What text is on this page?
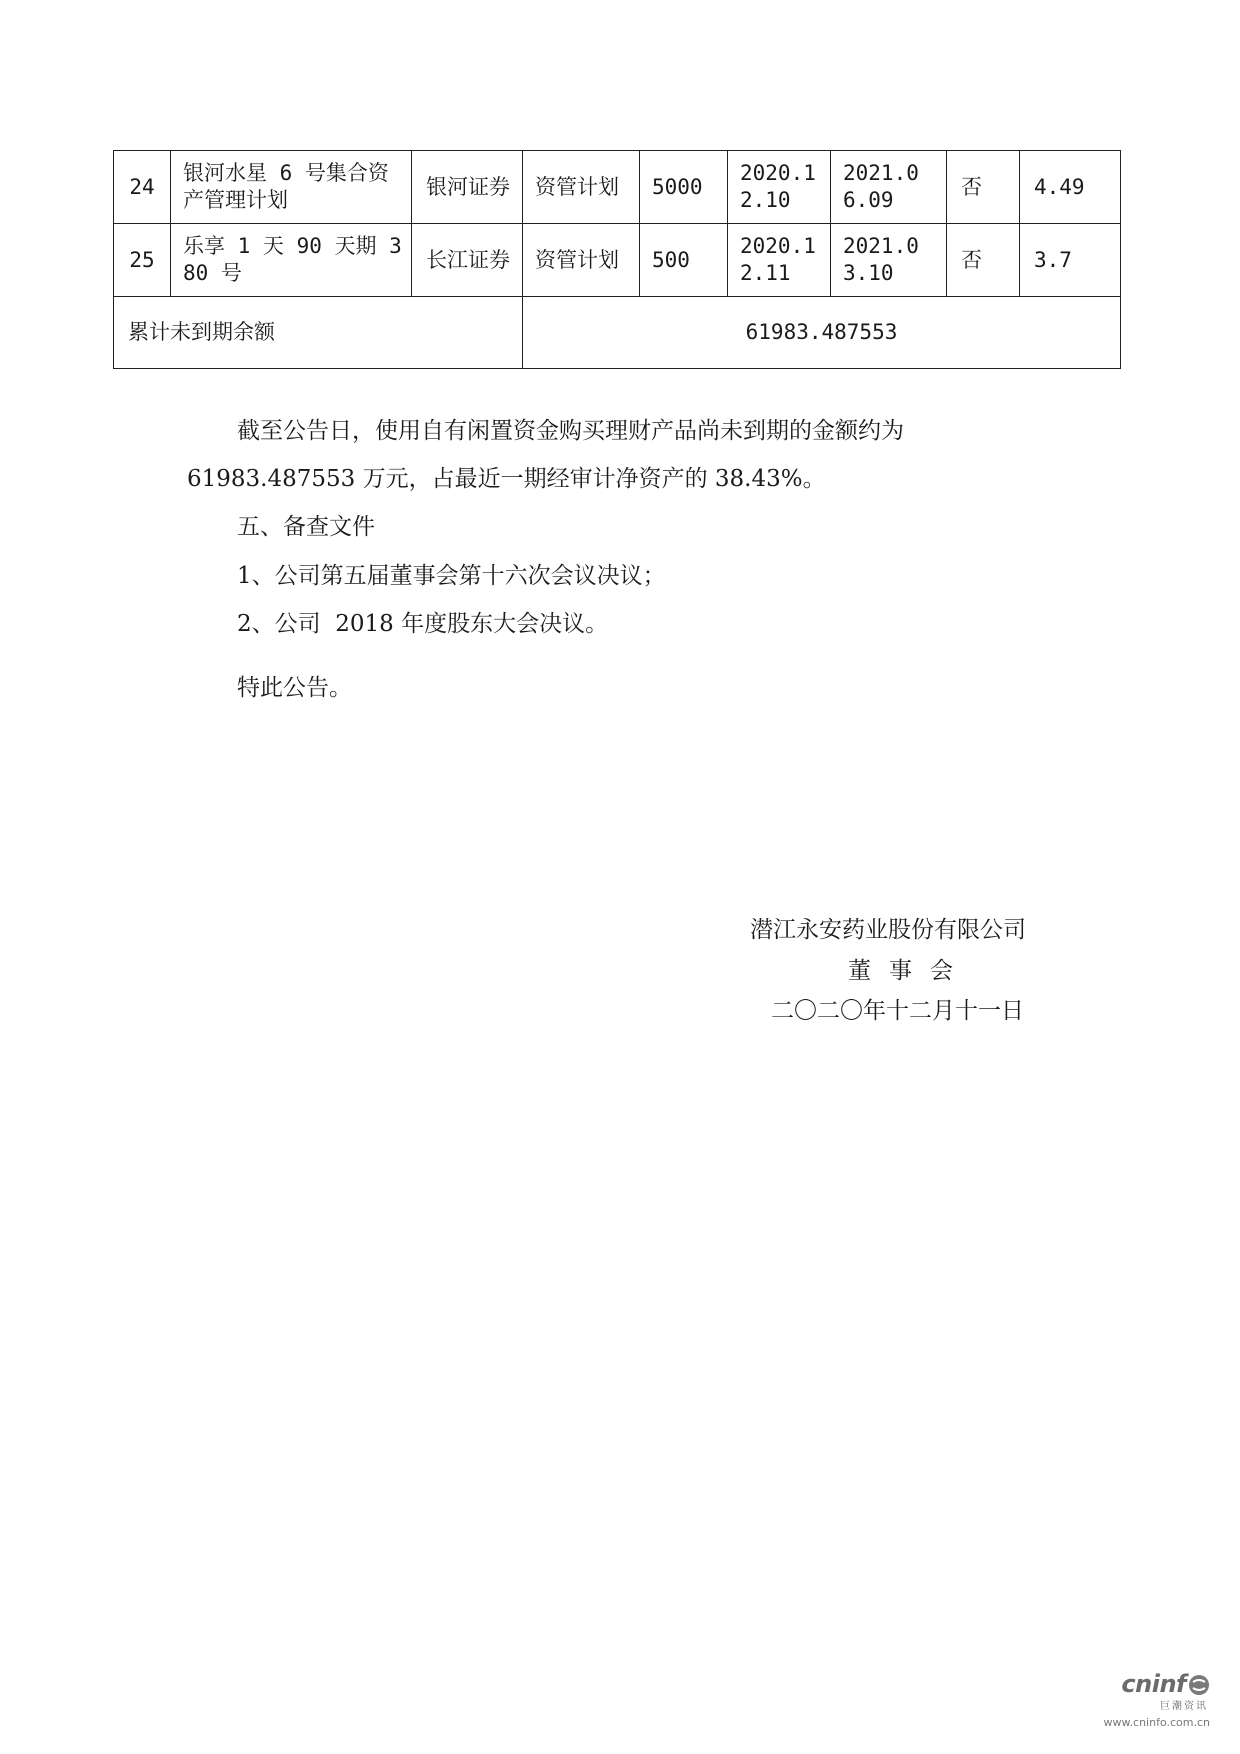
24	银河水星 6 号集合资产管理计划	银河证券	资管计划	5000	2020.12.10	2021.06.09	否	4.49
25	乐享 1 天 90 天期 380 号	长江证券	资管计划	500	2020.12.11	2021.03.10	否	3.7
累计未到期余额			61983.487553					
截至公告日，使用自有闲置资金购买理财产品尚未到期的金额约为
61983.487553 万元，占最近一期经审计净资产的 38.43%。
五、备查文件
1、公司第五届董事会第十六次会议决议；
2、公司  2018 年度股东大会决议。
特此公告。
潜江永安药业股份有限公司
董事会
二〇二〇年十二月十一日
cninf
巨潮资讯
www.cninfo.com.cn
